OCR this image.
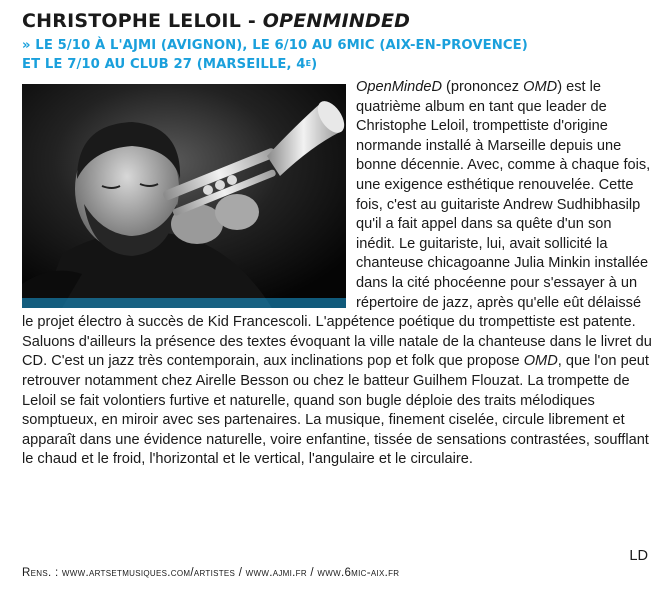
CHRISTOPHE LELOIL - OPENMINDED
» LE 5/10 À L'AJMI (AVIGNON), LE 6/10 AU 6MIC (AIX-EN-PROVENCE)
ET LE 7/10 AU CLUB 27 (MARSEILLE, $4^E$)

OpenMindeD (prononcez OMD) est le quatrième album en tant que leader de Christophe Leloil, trompettiste d'origine normande installé à Marseille depuis une bonne décennie. Avec, comme à chaque fois, une exigence esthétique renouvelée. Cette fois, c'est au guitariste Andrew Sudhibhasilp qu'il a fait appel dans sa quête d'un son inédit. Le guitariste, lui, avait sollicité la chanteuse chicagoanne Julia Minkin installée dans la cité phocéenne pour s'essayer à un répertoire de jazz, après qu'elle eût délaissé le projet électro à succès de Kid Francescoli. L'appétence poétique du trompettiste est patente. Saluons d'ailleurs la présence des textes évoquant la ville natale de la chanteuse dans le livret du CD. C'est un jazz très contemporain, aux inclinations pop et folk que propose OMD, que l'on peut retrouver notamment chez Airelle Besson ou chez le batteur Guilhem Flouzat. La trompette de Leloil se fait volontiers furtive et naturelle, quand son bugle déploie des traits mélodiques somptueux, en miroir avec ses partenaires. La musique, finement ciselée, circule librement et apparaît dans une évidence naturelle, voire enfantine, tissée de sensations contrastées, soufflant le chaud et le froid, l'horizontal et le vertical, l'angulaire et le circulaire.

LD
Rens. : www.artsetmusiques.com/artistes / www.ajmi.fr / www.6mic-aix.fr
